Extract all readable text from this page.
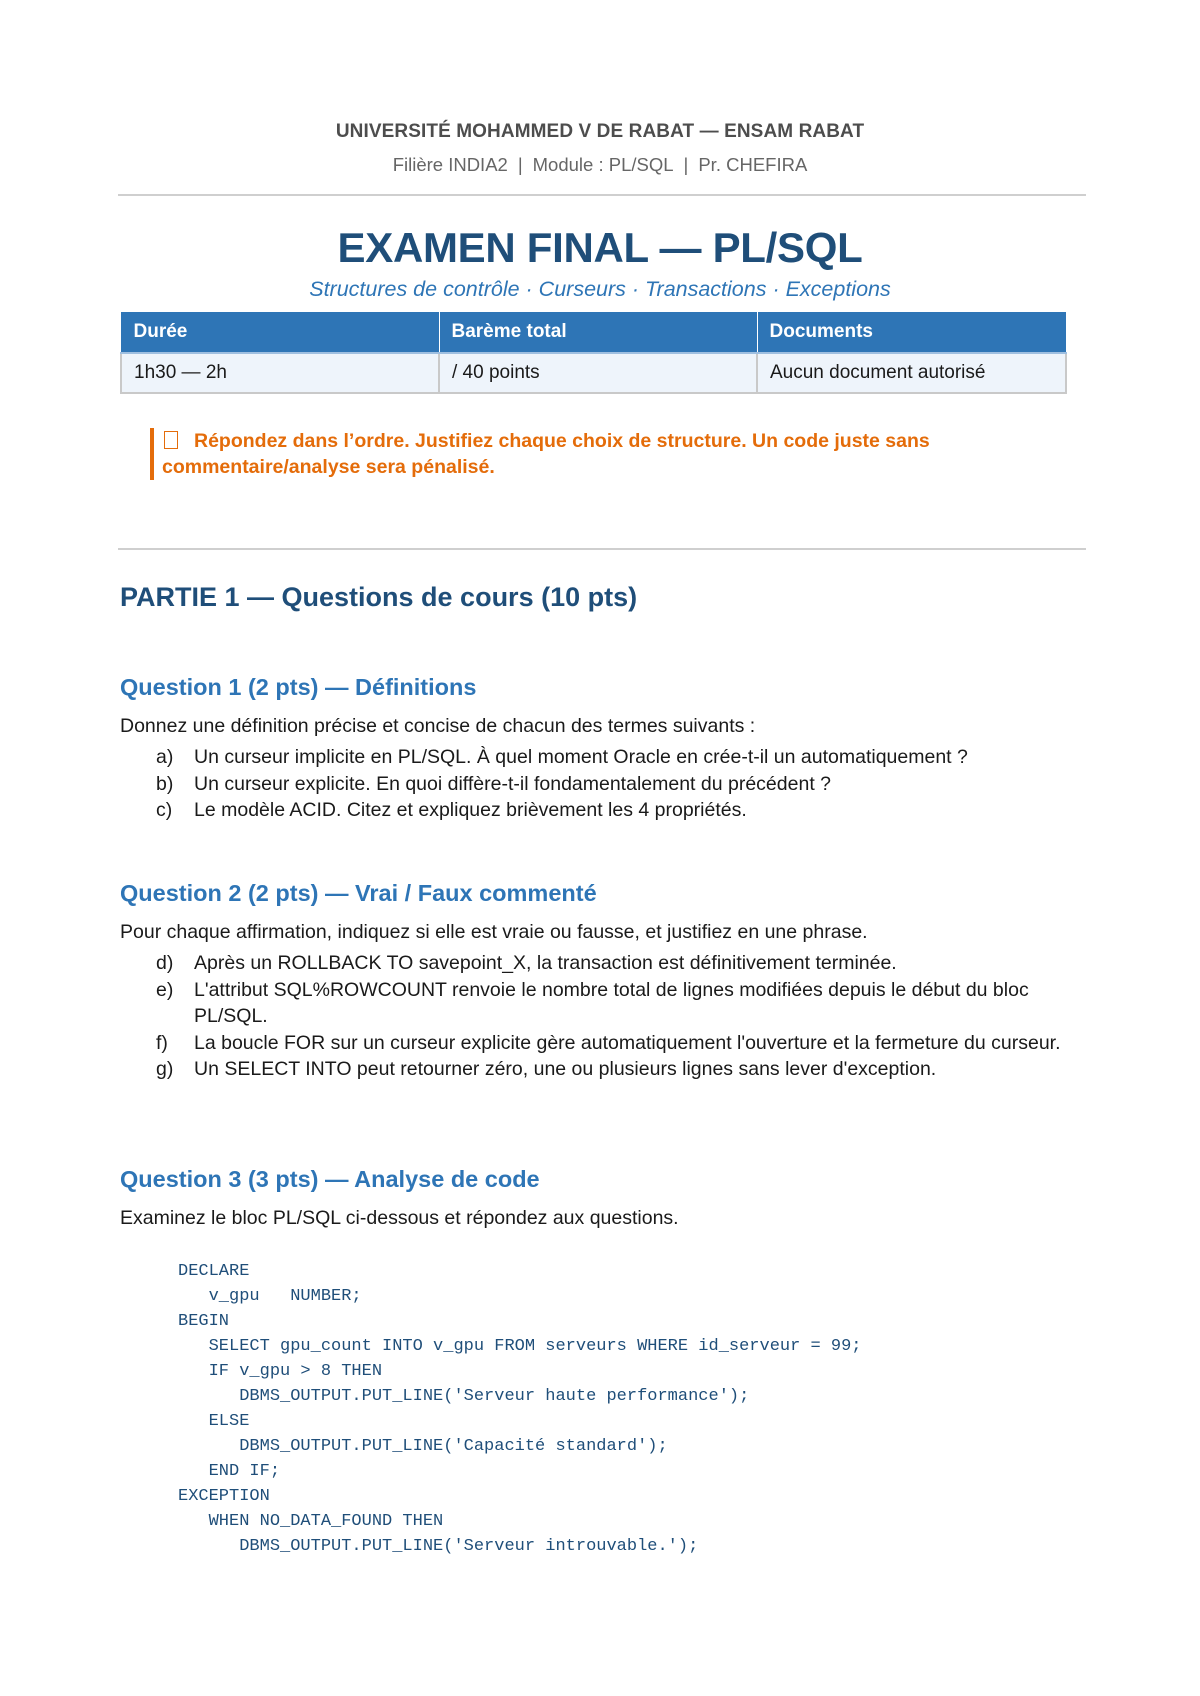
UNIVERSITÉ MOHAMMED V DE RABAT — ENSAM RABAT
Filière INDIA2 | Module : PL/SQL | Pr. CHEFIRA
EXAMEN FINAL — PL/SQL
Structures de contrôle · Curseurs · Transactions · Exceptions
Durée	Barème total	Documents
1h30 — 2h	/ 40 points	Aucun document autorisé
Répondez dans l’ordre. Justifiez chaque choix de structure. Un code juste sans commentaire/analyse sera pénalisé.
PARTIE 1 — Questions de cours (10 pts)
Question 1 (2 pts) — Définitions
Donnez une définition précise et concise de chacun des termes suivants :
a) Un curseur implicite en PL/SQL. À quel moment Oracle en crée-t-il un automatiquement ?
b) Un curseur explicite. En quoi diffère-t-il fondamentalement du précédent ?
c) Le modèle ACID. Citez et expliquez brièvement les 4 propriétés.
Question 2 (2 pts) — Vrai / Faux commenté
Pour chaque affirmation, indiquez si elle est vraie ou fausse, et justifiez en une phrase.
d) Après un ROLLBACK TO savepoint_X, la transaction est définitivement terminée.
e) L'attribut SQL%ROWCOUNT renvoie le nombre total de lignes modifiées depuis le début du bloc PL/SQL.
f) La boucle FOR sur un curseur explicite gère automatiquement l'ouverture et la fermeture du curseur.
g) Un SELECT INTO peut retourner zéro, une ou plusieurs lignes sans lever d'exception.
Question 3 (3 pts) — Analyse de code
Examinez le bloc PL/SQL ci-dessous et répondez aux questions.
DECLARE
v_gpu   NUMBER;
BEGIN
SELECT gpu_count INTO v_gpu FROM serveurs WHERE id_serveur = 99;
IF v_gpu > 8 THEN
DBMS_OUTPUT.PUT_LINE('Serveur haute performance');
ELSE
DBMS_OUTPUT.PUT_LINE('Capacité standard');
END IF;
EXCEPTION
WHEN NO_DATA_FOUND THEN
DBMS_OUTPUT.PUT_LINE('Serveur introuvable.');
